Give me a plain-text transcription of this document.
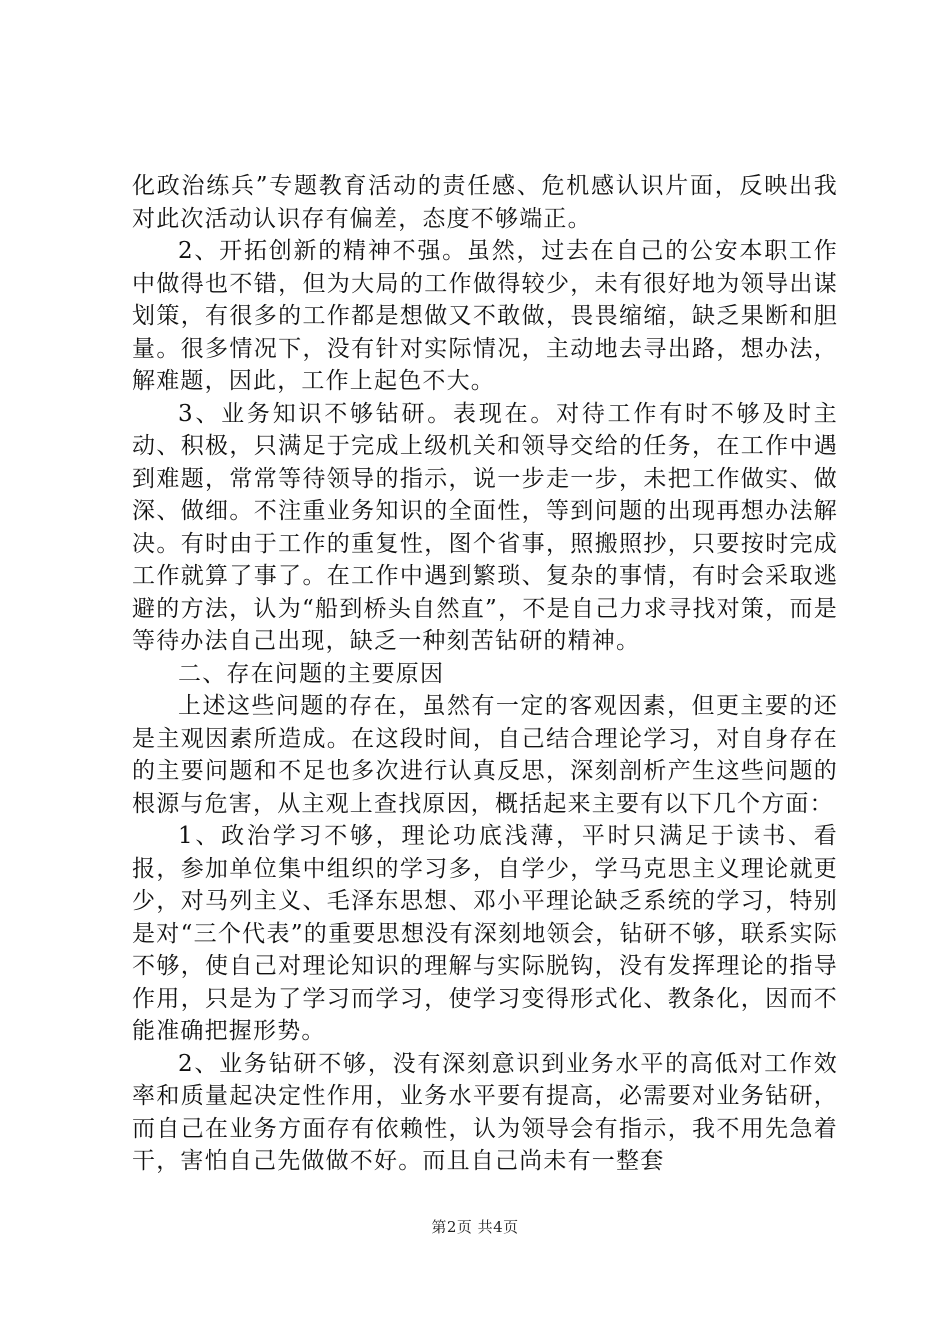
化政治练兵”专题教育活动的责任感、危机感认识片面，反映出我对此次活动认识存有偏差，态度不够端正。

2、开拓创新的精神不强。虽然，过去在自己的公安本职工作中做得也不错，但为大局的工作做得较少，未有很好地为领导出谋划策，有很多的工作都是想做又不敢做，畏畏缩缩，缺乏果断和胆量。很多情况下，没有针对实际情况，主动地去寻出路，想办法，解难题，因此，工作上起色不大。

3、业务知识不够钻研。表现在。对待工作有时不够及时主动、积极，只满足于完成上级机关和领导交给的任务，在工作中遇到难题，常常等待领导的指示，说一步走一步，未把工作做实、做深、做细。不注重业务知识的全面性，等到问题的出现再想办法解决。有时由于工作的重复性，图个省事，照搬照抄，只要按时完成工作就算了事了。在工作中遇到繁琐、复杂的事情，有时会采取逃避的方法，认为“船到桥头自然直”，不是自己力求寻找对策，而是等待办法自己出现，缺乏一种刻苦钻研的精神。

二、存在问题的主要原因

上述这些问题的存在，虽然有一定的客观因素，但更主要的还是主观因素所造成。在这段时间，自己结合理论学习，对自身存在的主要问题和不足也多次进行认真反思，深刻剖析产生这些问题的根源与危害，从主观上查找原因，概括起来主要有以下几个方面：

1、政治学习不够，理论功底浅薄，平时只满足于读书、看报，参加单位集中组织的学习多，自学少，学马克思主义理论就更少，对马列主义、毛泽东思想、邓小平理论缺乏系统的学习，特别是对“三个代表”的重要思想没有深刻地领会，钻研不够，联系实际不够，使自己对理论知识的理解与实际脱钩，没有发挥理论的指导作用，只是为了学习而学习，使学习变得形式化、教条化，因而不能准确把握形势。

2、业务钻研不够，没有深刻意识到业务水平的高低对工作效率和质量起决定性作用，业务水平要有提高，必需要对业务钻研，而自己在业务方面存有依赖性，认为领导会有指示，我不用先急着干，害怕自己先做做不好。而且自己尚未有一整套

第2页 共4页
